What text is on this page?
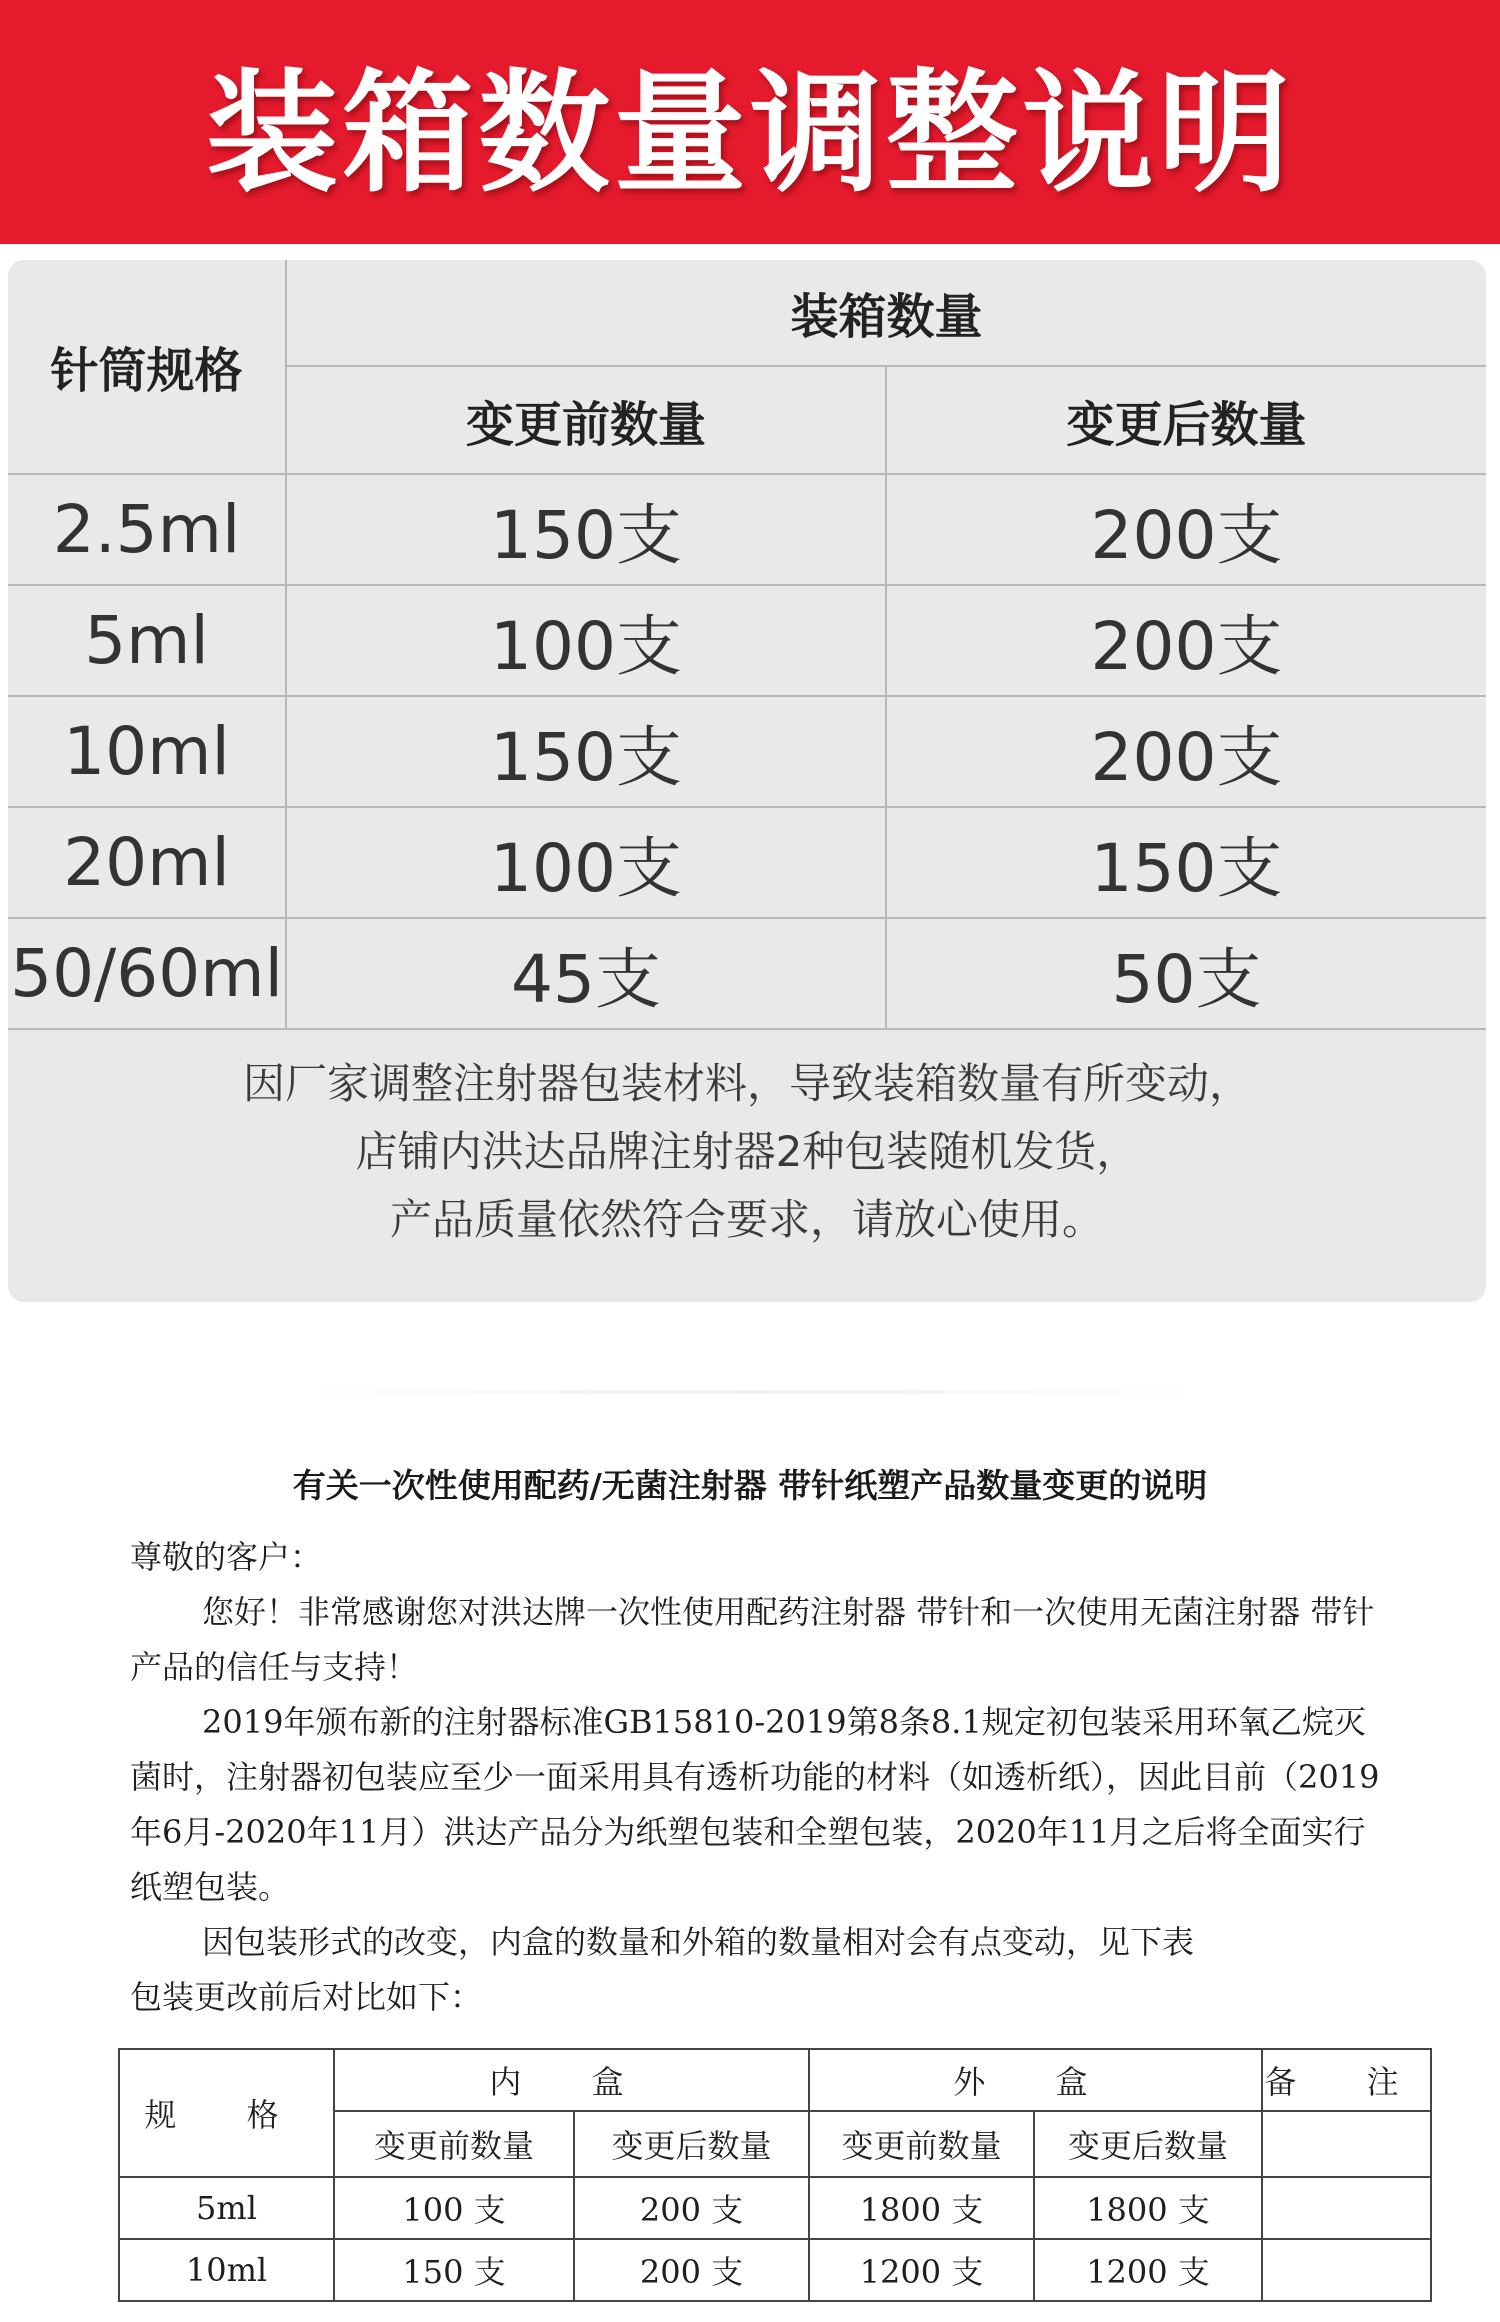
装箱数量调整说明
针筒规格	装箱数量	
	变更前数量	变更后数量
2.5ml	150支	200支
5ml	100支	200支
10ml	150支	200支
20ml	100支	150支
50/60ml	45支	50支
因厂家调整注射器包装材料，导致装箱数量有所变动，
店铺内洪达品牌注射器2种包装随机发货，
产品质量依然符合要求，请放心使用。
有关一次性使用配药/无菌注射器 带针纸塑产品数量变更的说明

尊敬的客户：

您好！非常感谢您对洪达牌一次性使用配药注射器 带针和一次使用无菌注射器 带针产品的信任与支持！

2019年颁布新的注射器标准GB15810-2019第8条8.1规定初包装采用环氧乙烷灭菌时，注射器初包装应至少一面采用具有透析功能的材料（如透析纸），因此目前（2019年6月-2020年11月）洪达产品分为纸塑包装和全塑包装，2020年11月之后将全面实行纸塑包装。

因包装形式的改变，内盒的数量和外箱的数量相对会有点变动，见下表

包装更改前后对比如下：

规 格	内 盒		外 盒		备 注
	变更前数量	变更后数量	变更前数量	变更后数量	
5ml	100 支	200 支	1800 支	1800 支	
10ml	150 支	200 支	1200 支	1200 支	
